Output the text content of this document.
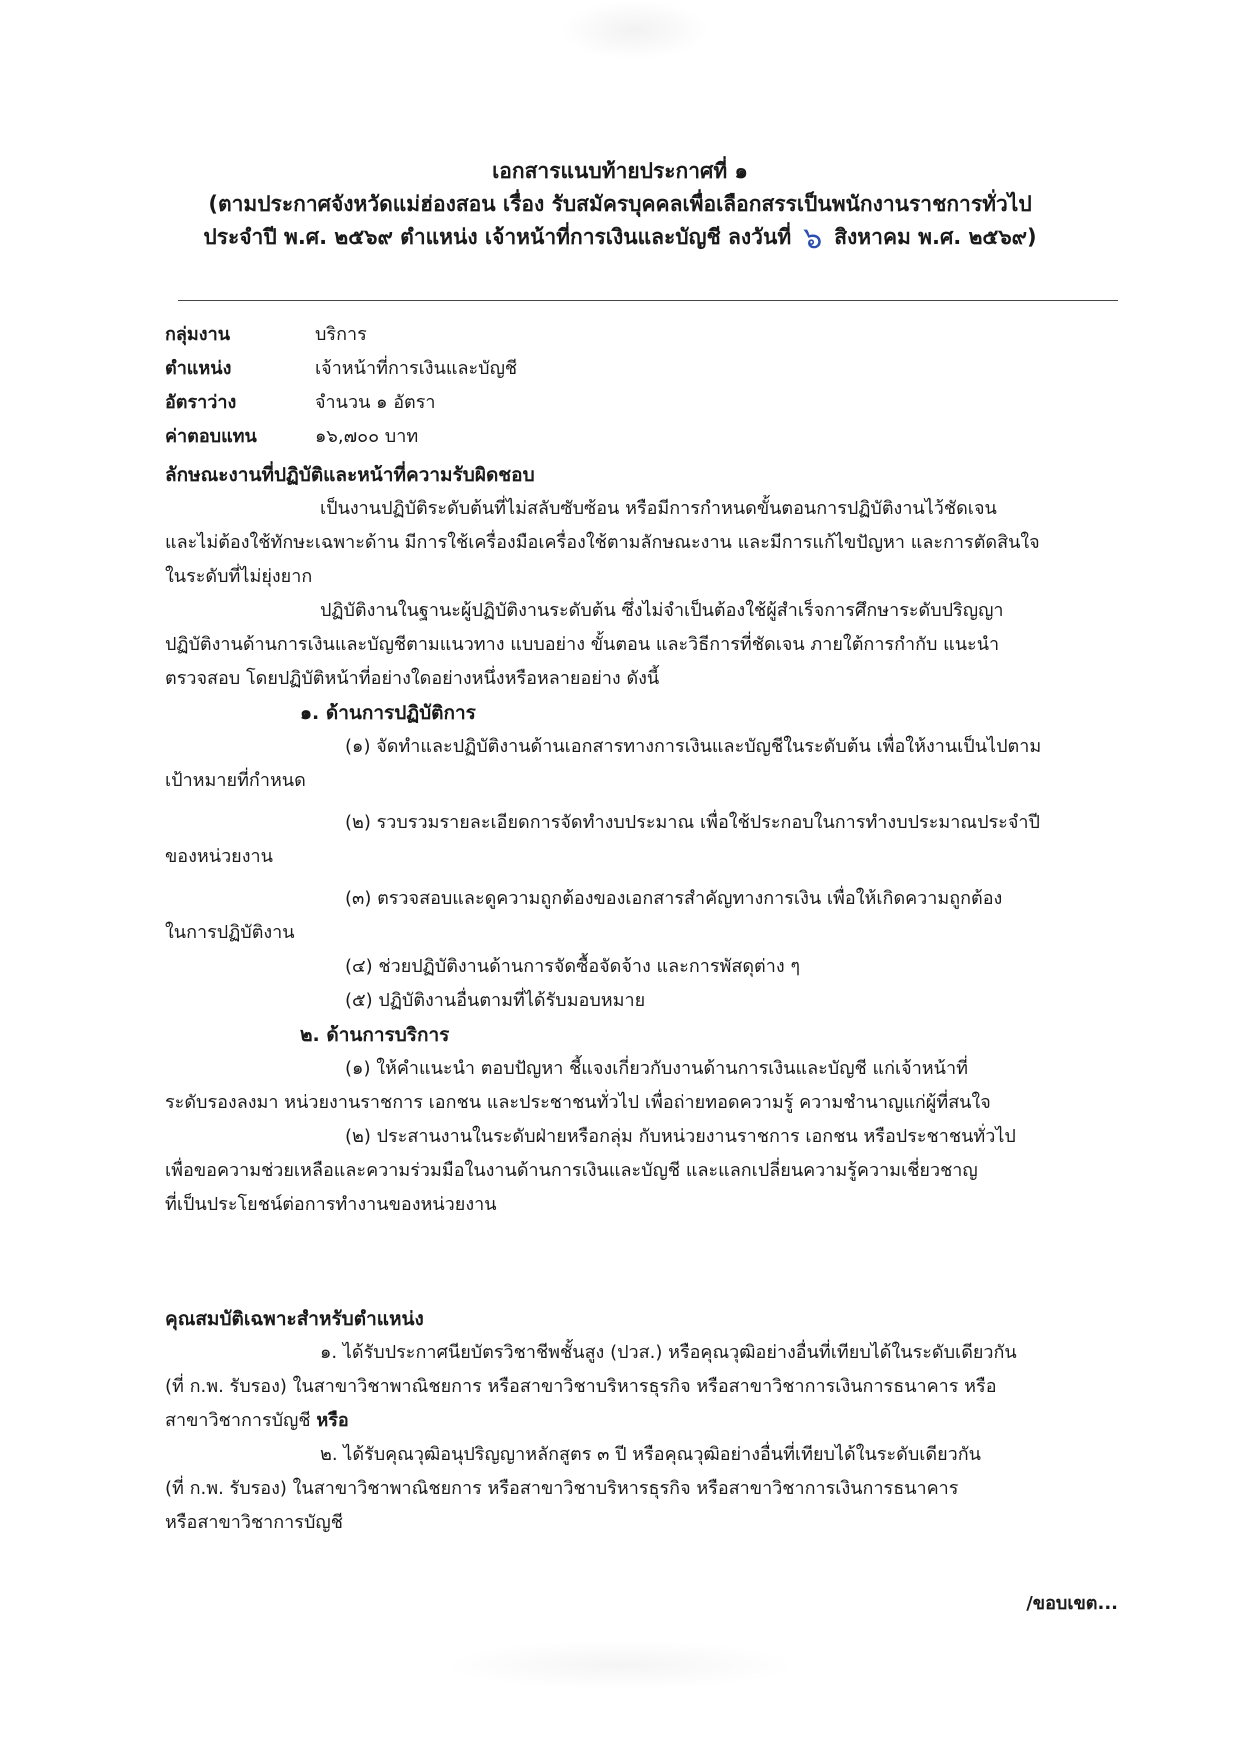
เอกสารแนบท้ายประกาศที่ ๑
(ตามประกาศจังหวัดแม่ฮ่องสอน เรื่อง รับสมัครบุคคลเพื่อเลือกสรรเป็นพนักงานราชการทั่วไป
ประจำปี พ.ศ. ๒๕๖๙ ตำแหน่ง เจ้าหน้าที่การเงินและบัญชี ลงวันที่ ๖ สิงหาคม พ.ศ. ๒๕๖๙)
กลุ่มงาน	บริการ
ตำแหน่ง	เจ้าหน้าที่การเงินและบัญชี
อัตราว่าง	จำนวน ๑ อัตรา
ค่าตอบแทน	๑๖,๗๐๐ บาท
ลักษณะงานที่ปฏิบัติและหน้าที่ความรับผิดชอบ
เป็นงานปฏิบัติระดับต้นที่ไม่สลับซับซ้อน หรือมีการกำหนดขั้นตอนการปฏิบัติงานไว้ชัดเจน
และไม่ต้องใช้ทักษะเฉพาะด้าน มีการใช้เครื่องมือเครื่องใช้ตามลักษณะงาน และมีการแก้ไขปัญหา และการตัดสินใจ
ในระดับที่ไม่ยุ่งยาก
ปฏิบัติงานในฐานะผู้ปฏิบัติงานระดับต้น ซึ่งไม่จำเป็นต้องใช้ผู้สำเร็จการศึกษาระดับปริญญา
ปฏิบัติงานด้านการเงินและบัญชีตามแนวทาง แบบอย่าง ขั้นตอน และวิธีการที่ชัดเจน ภายใต้การกำกับ แนะนำ
ตรวจสอบ โดยปฏิบัติหน้าที่อย่างใดอย่างหนึ่งหรือหลายอย่าง ดังนี้
๑. ด้านการปฏิบัติการ
(๑) จัดทำและปฏิบัติงานด้านเอกสารทางการเงินและบัญชีในระดับต้น เพื่อให้งานเป็นไปตาม
เป้าหมายที่กำหนด
(๒) รวบรวมรายละเอียดการจัดทำงบประมาณ เพื่อใช้ประกอบในการทำงบประมาณประจำปี
ของหน่วยงาน
(๓) ตรวจสอบและดูความถูกต้องของเอกสารสำคัญทางการเงิน เพื่อให้เกิดความถูกต้อง
ในการปฏิบัติงาน
(๔) ช่วยปฏิบัติงานด้านการจัดซื้อจัดจ้าง และการพัสดุต่าง ๆ
(๕) ปฏิบัติงานอื่นตามที่ได้รับมอบหมาย
๒. ด้านการบริการ
(๑) ให้คำแนะนำ ตอบปัญหา ชี้แจงเกี่ยวกับงานด้านการเงินและบัญชี แก่เจ้าหน้าที่
ระดับรองลงมา หน่วยงานราชการ เอกชน และประชาชนทั่วไป เพื่อถ่ายทอดความรู้ ความชำนาญแก่ผู้ที่สนใจ
(๒) ประสานงานในระดับฝ่ายหรือกลุ่ม กับหน่วยงานราชการ เอกชน หรือประชาชนทั่วไป
เพื่อขอความช่วยเหลือและความร่วมมือในงานด้านการเงินและบัญชี และแลกเปลี่ยนความรู้ความเชี่ยวชาญ
ที่เป็นประโยชน์ต่อการทำงานของหน่วยงาน
คุณสมบัติเฉพาะสำหรับตำแหน่ง
๑. ได้รับประกาศนียบัตรวิชาชีพชั้นสูง (ปวส.) หรือคุณวุฒิอย่างอื่นที่เทียบได้ในระดับเดียวกัน
(ที่ ก.พ. รับรอง) ในสาขาวิชาพาณิชยการ หรือสาขาวิชาบริหารธุรกิจ หรือสาขาวิชาการเงินการธนาคาร หรือ
สาขาวิชาการบัญชี หรือ
๒. ได้รับคุณวุฒิอนุปริญญาหลักสูตร ๓ ปี หรือคุณวุฒิอย่างอื่นที่เทียบได้ในระดับเดียวกัน
(ที่ ก.พ. รับรอง) ในสาขาวิชาพาณิชยการ หรือสาขาวิชาบริหารธุรกิจ หรือสาขาวิชาการเงินการธนาคาร
หรือสาขาวิชาการบัญชี
/ขอบเขต...
